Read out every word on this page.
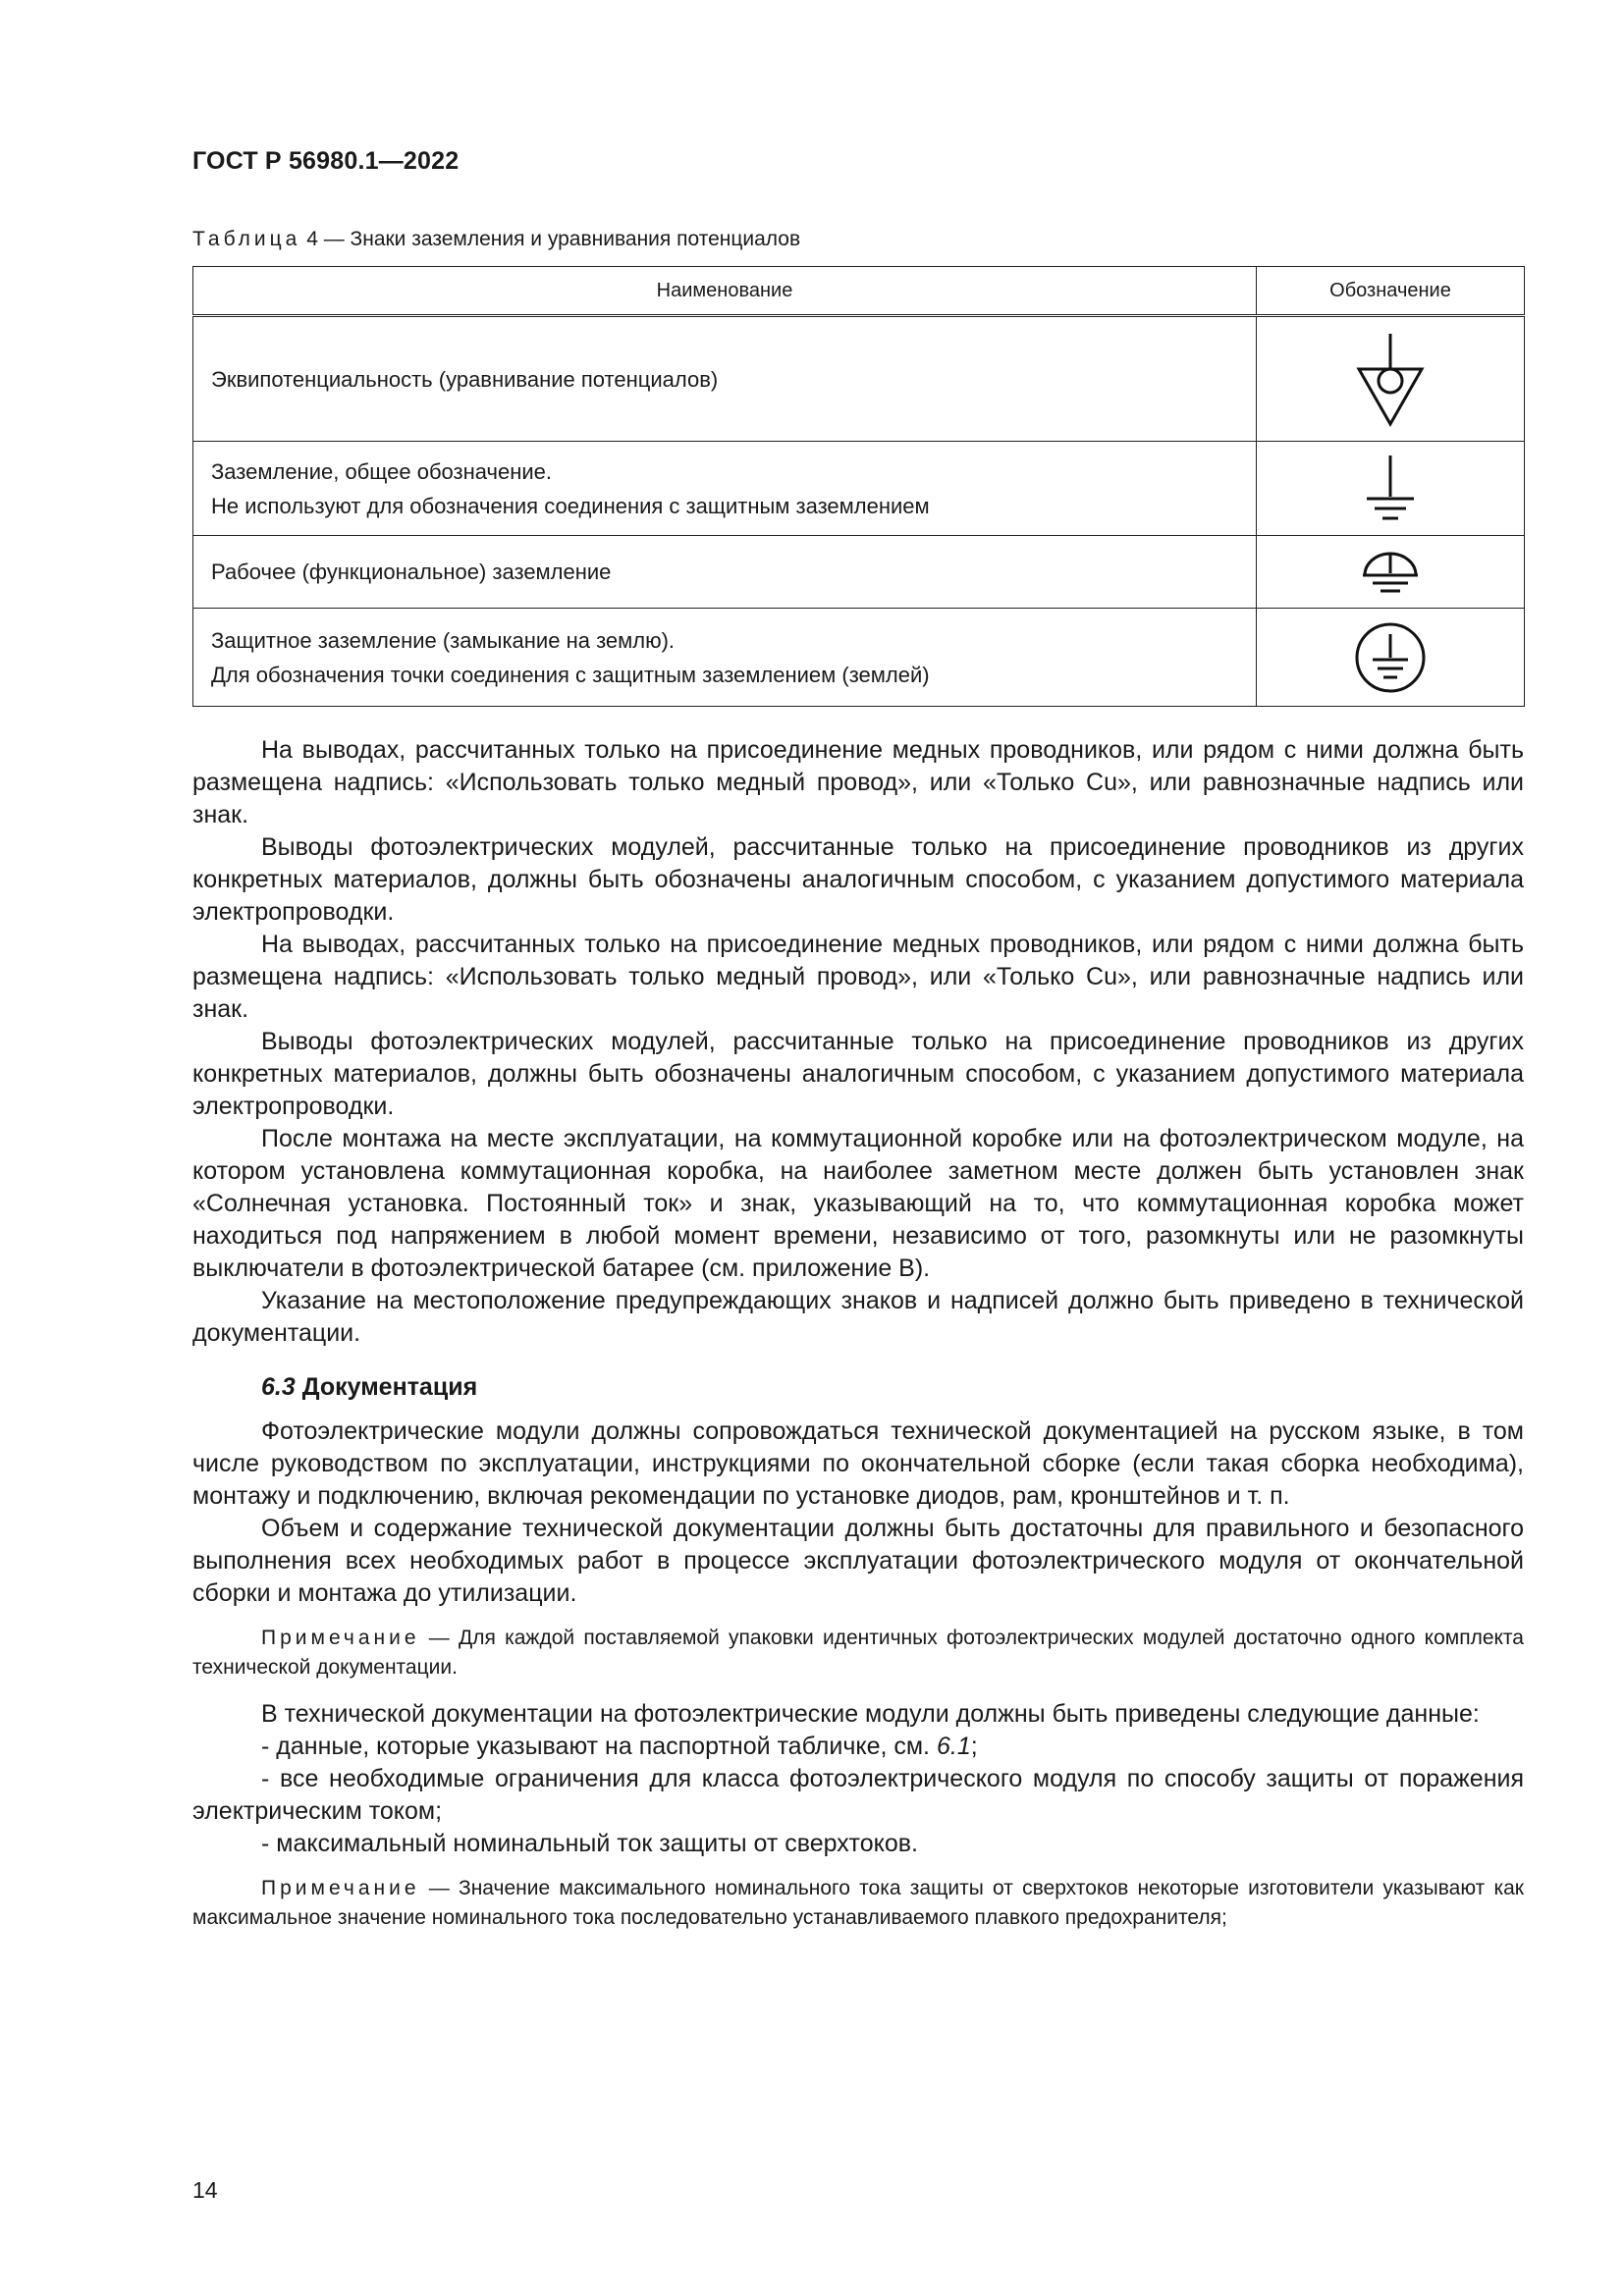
ГОСТ Р 56980.1—2022
Таблица 4 — Знаки заземления и уравнивания потенциалов
Наименование	Обозначение

Эквипотенциальность (уравнивание потенциалов)

Заземление, общее обозначение.
Не используют для обозначения соединения с защитным заземлением

Рабочее (функциональное) заземление

Защитное заземление (замыкание на землю).
Для обозначения точки соединения с защитным заземлением (землей)

На выводах, рассчитанных только на присоединение медных проводников, или рядом с ними должна быть размещена надпись: «Использовать только медный провод», или «Только Cu», или равнозначные надпись или знак.

Выводы фотоэлектрических модулей, рассчитанные только на присоединение проводников из других конкретных материалов, должны быть обозначены аналогичным способом, с указанием допустимого материала электропроводки.

На выводах, рассчитанных только на присоединение медных проводников, или рядом с ними должна быть размещена надпись: «Использовать только медный провод», или «Только Cu», или равнозначные надпись или знак.

Выводы фотоэлектрических модулей, рассчитанные только на присоединение проводников из других конкретных материалов, должны быть обозначены аналогичным способом, с указанием допустимого материала электропроводки.

После монтажа на месте эксплуатации, на коммутационной коробке или на фотоэлектрическом модуле, на котором установлена коммутационная коробка, на наиболее заметном месте должен быть установлен знак «Солнечная установка. Постоянный ток» и знак, указывающий на то, что коммутационная коробка может находиться под напряжением в любой момент времени, независимо от того, разомкнуты или не разомкнуты выключатели в фотоэлектрической батарее (см. приложение В).

Указание на местоположение предупреждающих знаков и надписей должно быть приведено в технической документации.

6.3 Документация

Фотоэлектрические модули должны сопровождаться технической документацией на русском языке, в том числе руководством по эксплуатации, инструкциями по окончательной сборке (если такая сборка необходима), монтажу и подключению, включая рекомендации по установке диодов, рам, кронштейнов и т. п.

Объем и содержание технической документации должны быть достаточны для правильного и безопасного выполнения всех необходимых работ в процессе эксплуатации фотоэлектрического модуля от окончательной сборки и монтажа до утилизации.

Примечание — Для каждой поставляемой упаковки идентичных фотоэлектрических модулей достаточно одного комплекта технической документации.

В технической документации на фотоэлектрические модули должны быть приведены следующие данные:

- данные, которые указывают на паспортной табличке, см. 6.1;

- все необходимые ограничения для класса фотоэлектрического модуля по способу защиты от поражения электрическим током;

- максимальный номинальный ток защиты от сверхтоков.

Примечание — Значение максимального номинального тока защиты от сверхтоков некоторые изготовители указывают как максимальное значение номинального тока последовательно устанавливаемого плавкого предохранителя;

14
